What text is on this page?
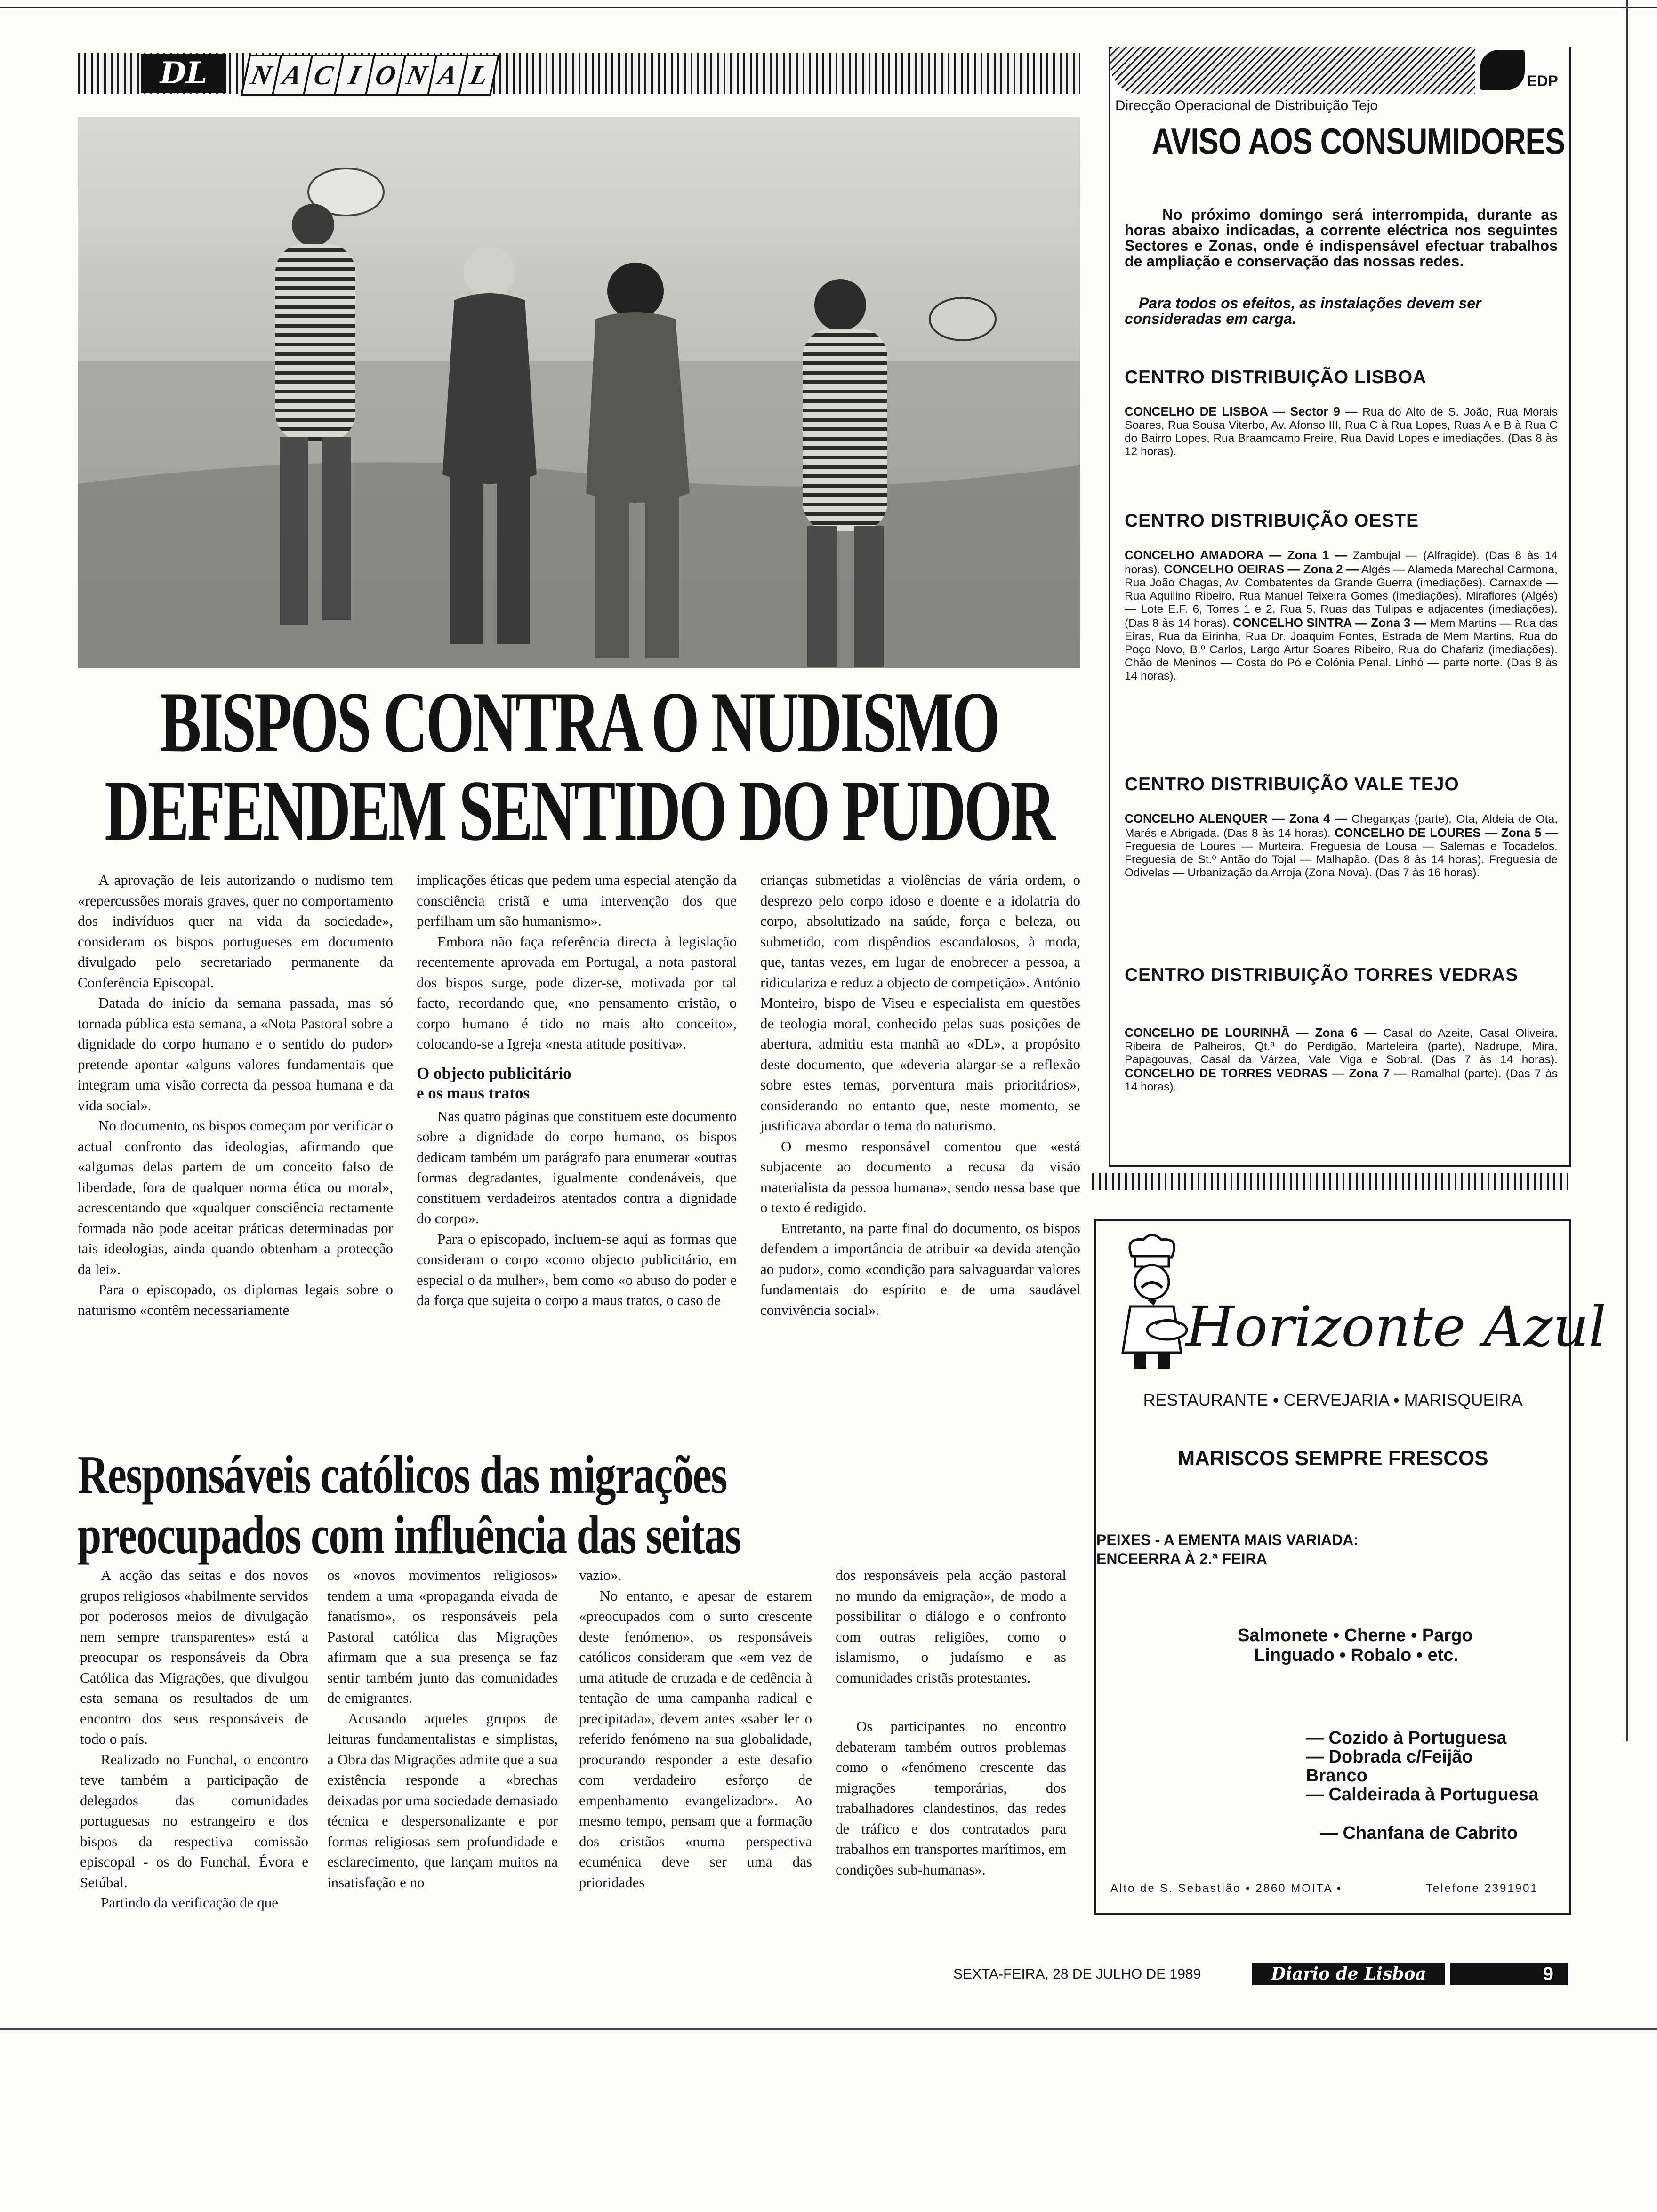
DL	N A C I O N A L
BISPOS CONTRA O NUDISMO
DEFENDEM SENTIDO DO PUDOR

A aprovação de leis autorizando o nudismo tem «repercussões morais graves, quer no comportamento dos indivíduos quer na vida da sociedade», consideram os bispos portugueses em documento divulgado pelo secretariado permanente da Conferência Episcopal.

Datada do início da semana passada, mas só tornada pública esta semana, a «Nota Pastoral sobre a dignidade do corpo humano e o sentido do pudor» pretende apontar «alguns valores fundamentais que integram uma visão correcta da pessoa humana e da vida social».

No documento, os bispos começam por verificar o actual confronto das ideologias, afirmando que «algumas delas partem de um conceito falso de liberdade, fora de qualquer norma ética ou moral», acrescentando que «qualquer consciência rectamente formada não pode aceitar práticas determinadas por tais ideologias, ainda quando obtenham a protecção da lei».

Para o episcopado, os diplomas legais sobre o naturismo «contêm necessariamente

implicações éticas que pedem uma especial atenção da consciência cristã e uma intervenção dos que perfilham um são humanismo».

Embora não faça referência directa à legislação recentemente aprovada em Portugal, a nota pastoral dos bispos surge, pode dizer-se, motivada por tal facto, recordando que, «no pensamento cristão, o corpo humano é tido no mais alto conceito», colocando-se a Igreja «nesta atitude positiva».

O objecto publicitário
e os maus tratos

Nas quatro páginas que constituem este documento sobre a dignidade do corpo humano, os bispos dedicam também um parágrafo para enumerar «outras formas degradantes, igualmente condenáveis, que constituem verdadeiros atentados contra a dignidade do corpo».

Para o episcopado, incluem-se aqui as formas que consideram o corpo «como objecto publicitário, em especial o da mulher», bem como «o abuso do poder e da força que sujeita o corpo a maus tratos, o caso de

crianças submetidas a violências de vária ordem, o desprezo pelo corpo idoso e doente e a idolatria do corpo, absolutizado na saúde, força e beleza, ou submetido, com dispêndios escandalosos, à moda, que, tantas vezes, em lugar de enobrecer a pessoa, a ridiculariza e reduz a objecto de competição». António Monteiro, bispo de Viseu e especialista em questões de teologia moral, conhecido pelas suas posições de abertura, admitiu esta manhã ao «DL», a propósito deste documento, que «deveria alargar-se a reflexão sobre estes temas, porventura mais prioritários», considerando no entanto que, neste momento, se justificava abordar o tema do naturismo.

O mesmo responsável comentou que «está subjacente ao documento a recusa da visão materialista da pessoa humana», sendo nessa base que o texto é redigido.

Entretanto, na parte final do documento, os bispos defendem a importância de atribuir «a devida atenção ao pudor», como «condição para salvaguardar valores fundamentais do espírito e de uma saudável convivência social».

Responsáveis católicos das migrações
preocupados com influência das seitas

A acção das seitas e dos novos grupos religiosos «habilmente servidos por poderosos meios de divulgação nem sempre transparentes» está a preocupar os responsáveis da Obra Católica das Migrações, que divulgou esta semana os resultados de um encontro dos seus responsáveis de todo o país.

Realizado no Funchal, o encontro teve também a participação de delegados das comunidades portuguesas no estrangeiro e dos bispos da respectiva comissão episcopal - os do Funchal, Évora e Setúbal.

Partindo da verificação de que

os «novos movimentos religiosos» tendem a uma «propaganda eivada de fanatismo», os responsáveis pela Pastoral católica das Migrações afirmam que a sua presença se faz sentir também junto das comunidades de emigrantes.

Acusando aqueles grupos de leituras fundamentalistas e simplistas, a Obra das Migrações admite que a sua existência responde a «brechas deixadas por uma sociedade demasiado técnica e despersonalizante e por formas religiosas sem profundidade e esclarecimento, que lançam muitos na insatisfação e no

vazio».

No entanto, e apesar de estarem «preocupados com o surto crescente deste fenómeno», os responsáveis católicos consideram que «em vez de uma atitude de cruzada e de cedência à tentação de uma campanha radical e precipitada», devem antes «saber ler o referido fenómeno na sua globalidade, procurando responder a este desafio com verdadeiro esforço de empenhamento evangelizador». Ao mesmo tempo, pensam que a formação dos cristãos «numa perspectiva ecuménica deve ser uma das prioridades

dos responsáveis pela acção pastoral no mundo da emigração», de modo a possibilitar o diálogo e o confronto com outras religiões, como o islamismo, o judaísmo e as comunidades cristãs protestantes.

Os participantes no encontro debateram também outros problemas como o «fenómeno crescente das migrações temporárias, dos trabalhadores clandestinos, das redes de tráfico e dos contratados para trabalhos em transportes marítimos, em condições sub-humanas».

EDP
Direcção Operacional de Distribuição Tejo
AVISO AOS CONSUMIDORES
No próximo domingo será interrompida, durante as horas abaixo indicadas, a corrente eléctrica nos seguintes Sectores e Zonas, onde é indispensável efectuar trabalhos de ampliação e conservação das nossas redes.
Para todos os efeitos, as instalações devem ser consideradas em carga.
CENTRO DISTRIBUIÇÃO LISBOA
CONCELHO DE LISBOA — Sector 9 — Rua do Alto de S. João, Rua Morais Soares, Rua Sousa Viterbo, Av. Afonso III, Rua C à Rua Lopes, Ruas A e B à Rua C do Bairro Lopes, Rua Braamcamp Freire, Rua David Lopes e imediações. (Das 8 às 12 horas).
CENTRO DISTRIBUIÇÃO OESTE
CONCELHO AMADORA — Zona 1 — Zambujal — (Alfragide). (Das 8 às 14 horas). CONCELHO OEIRAS — Zona 2 — Algés — Alameda Marechal Carmona, Rua João Chagas, Av. Combatentes da Grande Guerra (imediações). Carnaxide — Rua Aquilino Ribeiro, Rua Manuel Teixeira Gomes (imediações). Miraflores (Algés) — Lote E.F. 6, Torres 1 e 2, Rua 5, Ruas das Tulipas e adjacentes (imediações). (Das 8 às 14 horas). CONCELHO SINTRA — Zona 3 — Mem Martins — Rua das Eiras, Rua da Eirinha, Rua Dr. Joaquim Fontes, Estrada de Mem Martins, Rua do Poço Novo, B.º Carlos, Largo Artur Soares Ribeiro, Rua do Chafariz (imediações). Chão de Meninos — Costa do Pó e Colónia Penal. Linhó — parte norte. (Das 8 às 14 horas).
CENTRO DISTRIBUIÇÃO VALE TEJO
CONCELHO ALENQUER — Zona 4 — Cheganças (parte), Ota, Aldeia de Ota, Marés e Abrigada. (Das 8 às 14 horas). CONCELHO DE LOURES — Zona 5 — Freguesia de Loures — Murteira. Freguesia de Lousa — Salemas e Tocadelos. Freguesia de St.º Antão do Tojal — Malhapão. (Das 8 às 14 horas). Freguesia de Odivelas — Urbanização da Arroja (Zona Nova). (Das 7 às 16 horas).
CENTRO DISTRIBUIÇÃO TORRES VEDRAS
CONCELHO DE LOURINHÃ — Zona 6 — Casal do Azeite, Casal Oliveira, Ribeira de Palheiros, Qt.ª do Perdigão, Marteleira (parte), Nadrupe, Mira, Papagouvas, Casal da Várzea, Vale Viga e Sobral. (Das 7 às 14 horas). CONCELHO DE TORRES VEDRAS — Zona 7 — Ramalhal (parte). (Das 7 às 14 horas).
Horizonte Azul
RESTAURANTE • CERVEJARIA • MARISQUEIRA
MARISCOS SEMPRE FRESCOS
PEIXES - A EMENTA MAIS VARIADA:
ENCEERRA À 2.ª FEIRA
Salmonete • Cherne • Pargo
Linguado • Robalo • etc.
— Cozido à Portuguesa
— Dobrada c/Feijão
Branco
— Caldeirada à Portuguesa
— Chanfana de Cabrito
Alto de S. Sebastião • 2860 MOITA •	Telefone 2391901
SEXTA-FEIRA, 28 DE JULHO DE 1989	Diario de Lisboa	9
